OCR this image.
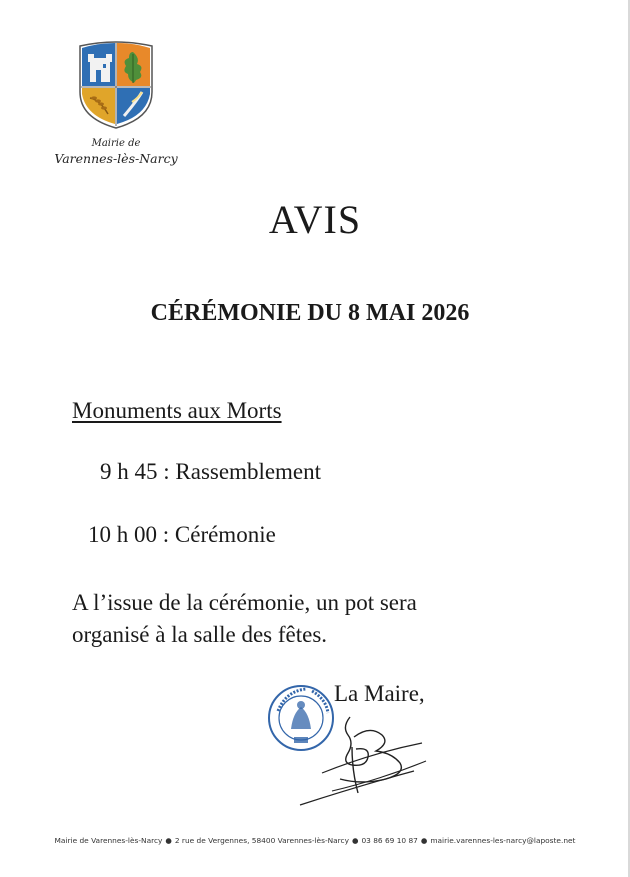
Mairie de
Varennes-lès-Narcy
AVIS
CÉRÉMONIE DU 8 MAI 2026
Monuments aux Morts
9 h 45 : Rassemblement
10 h 00 : Cérémonie
A l’issue de la cérémonie, un pot sera
organisé à la salle des fêtes.
La Maire,
Mairie de Varennes-lès-Narcy ● 2 rue de Vergennes, 58400 Varennes-lès-Narcy ● 03 86 69 10 87 ● mairie.varennes-les-narcy@laposte.net
